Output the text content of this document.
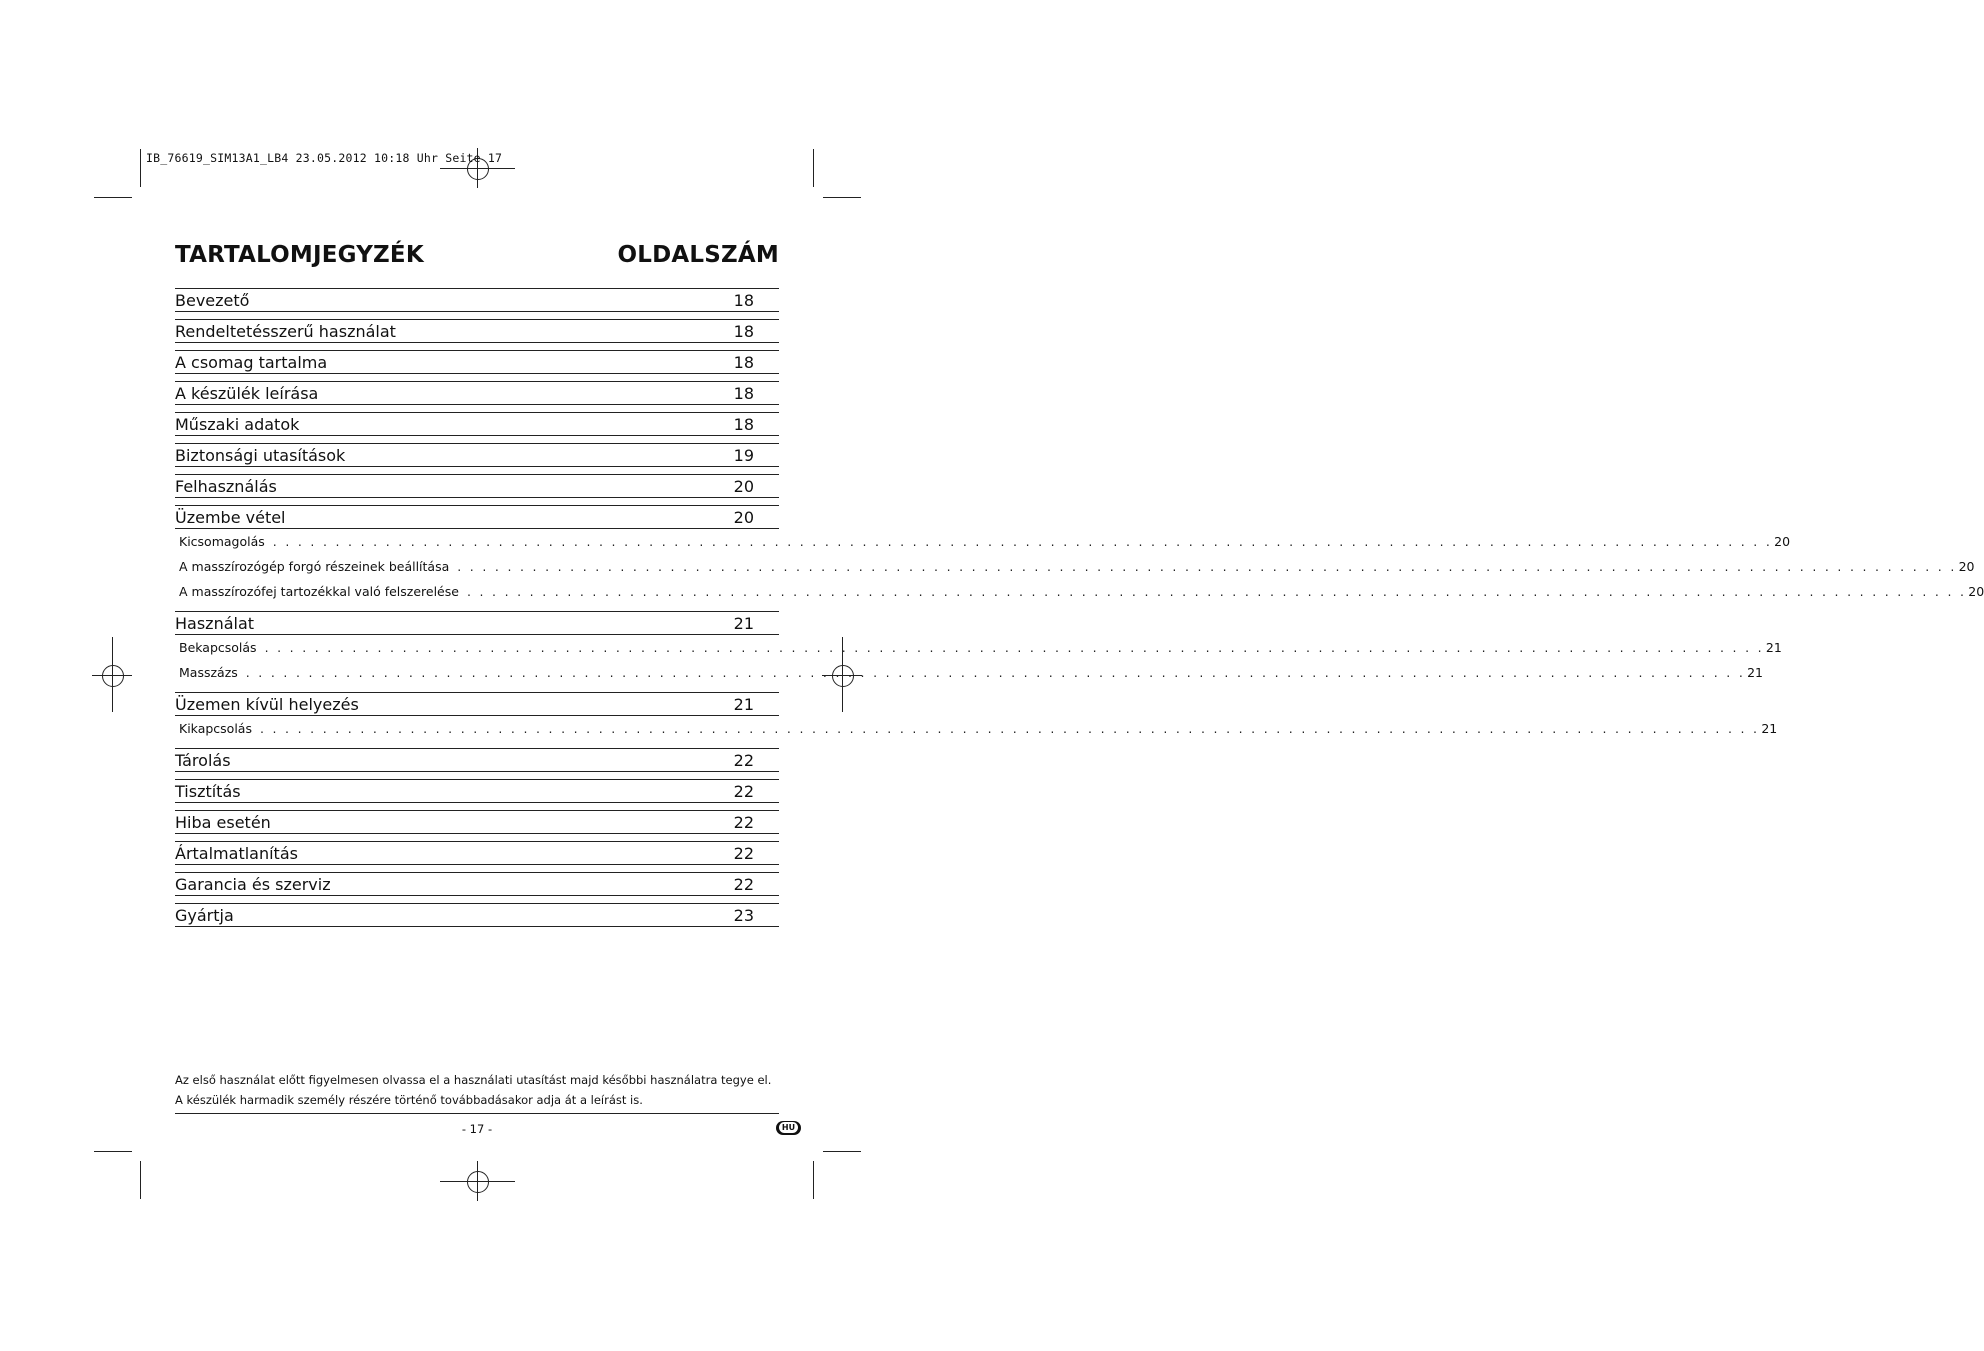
IB_76619_SIM13A1_LB4 23.05.2012 10:18 Uhr Seite 17
TARTALOMJEGYZÉK	OLDALSZÁM
Bevezető	18
Rendeltetésszerű használat	18
A csomag tartalma	18
A készülék leírása	18
Műszaki adatok	18
Biztonsági utasítások	19
Felhasználás	20
Üzembe vétel	20
Kicsomagolás . . . . . . . . . . . . . . . . . . . . . . . . . . . . . . . . . . . . . . . . . . . . . . . . . . . . . . . . . . . . . . . . . . . . . . . . . . . . . . . . . . . . . . . . . . . . . . . . . . . . . . . . . . . . . . . . . . . . . . . . 20
A masszírozógép forgó részeinek beállítása . . . . . . . . . . . . . . . . . . . . . . . . . . . . . . . . . . . . . . . . . . . . . . . . . . . . . . . . . . . . . . . . . . . . . . . . . . . . . . . . . . . . . . . . . . . . . . . . . . . . . . . . . . . . . . . . . . . . . . . . 20
A masszírozófej tartozékkal való felszerelése . . . . . . . . . . . . . . . . . . . . . . . . . . . . . . . . . . . . . . . . . . . . . . . . . . . . . . . . . . . . . . . . . . . . . . . . . . . . . . . . . . . . . . . . . . . . . . . . . . . . . . . . . . . . . . . . . . . . . . . . 20
Használat	21
Bekapcsolás . . . . . . . . . . . . . . . . . . . . . . . . . . . . . . . . . . . . . . . . . . . . . . . . . . . . . . . . . . . . . . . . . . . . . . . . . . . . . . . . . . . . . . . . . . . . . . . . . . . . . . . . . . . . . . . . . . . . . . . . 21
Masszázs . . . . . . . . . . . . . . . . . . . . . . . . . . . . . . . . . . . . . . . . . . . . . . . . . . . . . . . . . . . . . . . . . . . . . . . . . . . . . . . . . . . . . . . . . . . . . . . . . . . . . . . . . . . . . . . . . . . . . . . . 21
Üzemen kívül helyezés	21
Kikapcsolás . . . . . . . . . . . . . . . . . . . . . . . . . . . . . . . . . . . . . . . . . . . . . . . . . . . . . . . . . . . . . . . . . . . . . . . . . . . . . . . . . . . . . . . . . . . . . . . . . . . . . . . . . . . . . . . . . . . . . . . . 21
Tárolás	22
Tisztítás	22
Hiba esetén	22
Ártalmatlanítás	22
Garancia és szerviz	22
Gyártja	23
Az első használat előtt figyelmesen olvassa el a használati utasítást majd későbbi használatra tegye el.
A készülék harmadik személy részére történő továbbadásakor adja át a leírást is.
- 17 -	HU
